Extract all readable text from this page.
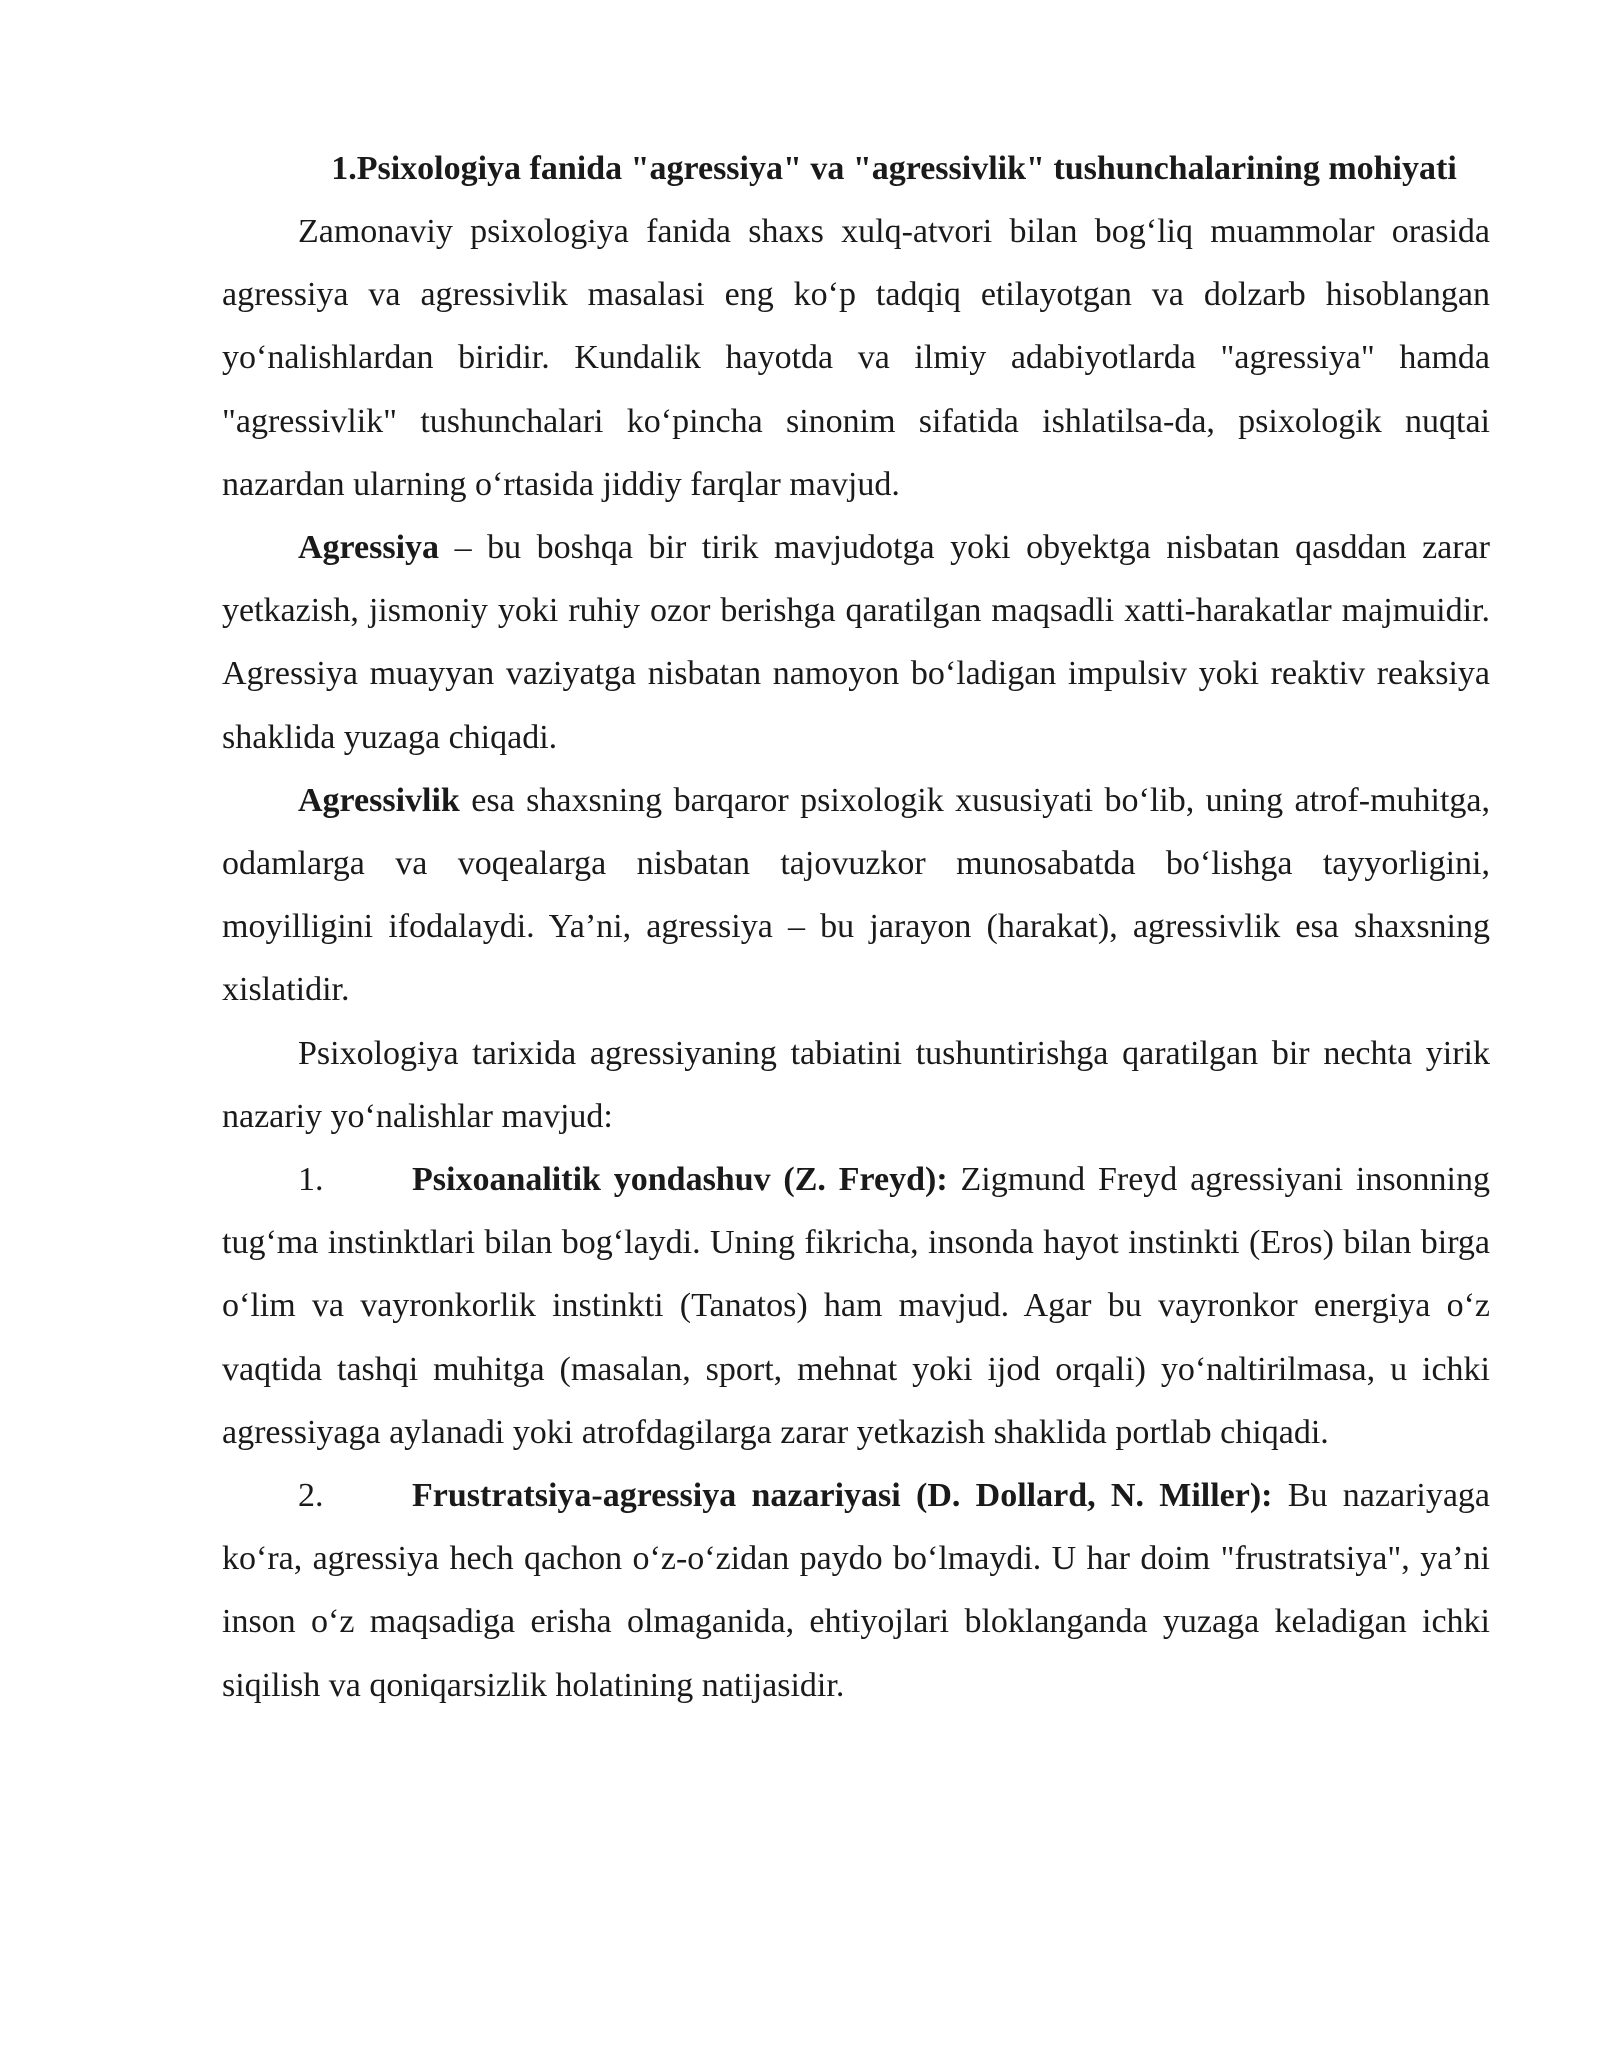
1.Psixologiya fanida "agressiya" va "agressivlik" tushunchalarining mohiyati

Zamonaviy psixologiya fanida shaxs xulq-atvori bilan bog‘liq muammolar orasida agressiya va agressivlik masalasi eng ko‘p tadqiq etilayotgan va dolzarb hisoblangan yo‘nalishlardan biridir. Kundalik hayotda va ilmiy adabiyotlarda "agressiya" hamda "agressivlik" tushunchalari ko‘pincha sinonim sifatida ishlatilsa-da, psixologik nuqtai nazardan ularning o‘rtasida jiddiy farqlar mavjud.

Agressiya – bu boshqa bir tirik mavjudotga yoki obyektga nisbatan qasddan zarar yetkazish, jismoniy yoki ruhiy ozor berishga qaratilgan maqsadli xatti-harakatlar majmuidir. Agressiya muayyan vaziyatga nisbatan namoyon bo‘ladigan impulsiv yoki reaktiv reaksiya shaklida yuzaga chiqadi.

Agressivlik esa shaxsning barqaror psixologik xususiyati bo‘lib, uning atrof-muhitga, odamlarga va voqealarga nisbatan tajovuzkor munosabatda bo‘lishga tayyorligini, moyilligini ifodalaydi. Ya’ni, agressiya – bu jarayon (harakat), agressivlik esa shaxsning xislatidir.

Psixologiya tarixida agressiyaning tabiatini tushuntirishga qaratilgan bir nechta yirik nazariy yo‘nalishlar mavjud:

1.	Psixoanalitik yondashuv (Z. Freyd): Zigmund Freyd agressiyani insonning tug‘ma instinktlari bilan bog‘laydi. Uning fikricha, insonda hayot instinkti (Eros) bilan birga o‘lim va vayronkorlik instinkti (Tanatos) ham mavjud. Agar bu vayronkor energiya o‘z vaqtida tashqi muhitga (masalan, sport, mehnat yoki ijod orqali) yo‘naltirilmasa, u ichki agressiyaga aylanadi yoki atrofdagilarga zarar yetkazish shaklida portlab chiqadi.

2.	Frustratsiya-agressiya nazariyasi (D. Dollard, N. Miller): Bu nazariyaga ko‘ra, agressiya hech qachon o‘z-o‘zidan paydo bo‘lmaydi. U har doim "frustratsiya", ya’ni inson o‘z maqsadiga erisha olmaganida, ehtiyojlari bloklanganda yuzaga keladigan ichki siqilish va qoniqarsizlik holatining natijasidir.
